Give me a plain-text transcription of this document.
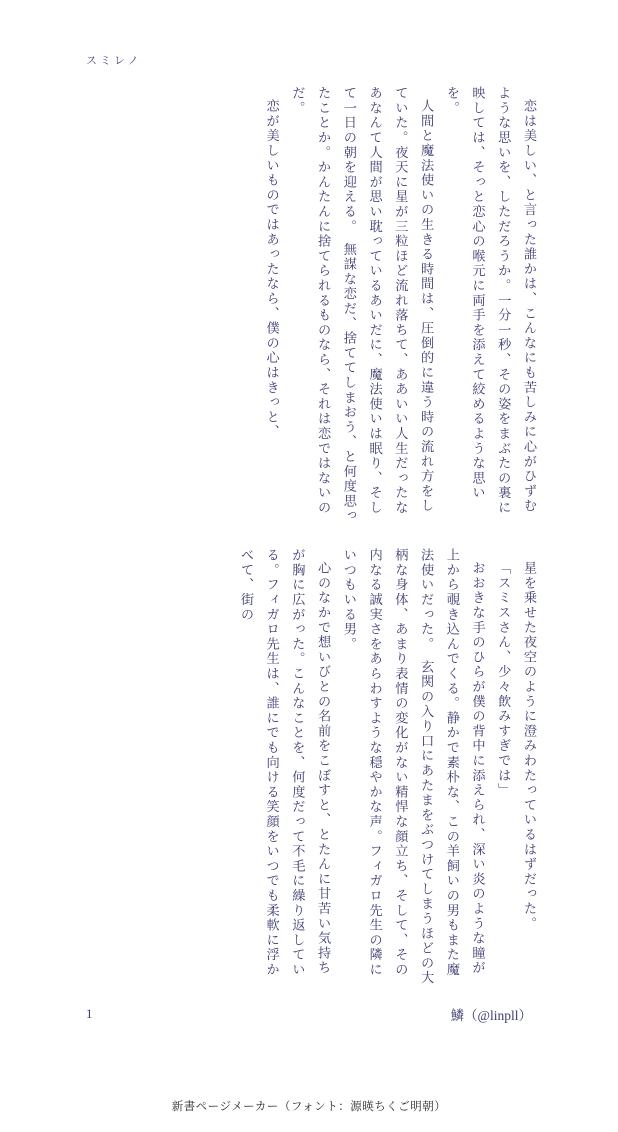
スミレノ

恋は美しい、と言った誰かは、こんなにも苦しみに心がひずむような思いを、しただろうか。一分一秒、その姿をまぶたの裏に映しては、そっと恋心の喉元に両手を添えて絞めるような思いを。

人間と魔法使いの生きる時間は、圧倒的に違う時の流れ方をしていた。夜天に星が三粒ほど流れ落ちて、ああいい人生だったなあなんて人間が思い耽っているあいだに、魔法使いは眠り、そして一日の朝を迎える。　無謀な恋だ、捨ててしまおう、と何度思ったことか。かんたんに捨てられるものなら、それは恋ではないのだ。

恋が美しいものではあったなら、僕の心はきっと、

星を乗せた夜空のように澄みわたっているはずだった。

「スミスさん、少々飲みすぎでは」

おおきな手のひらが僕の背中に添えられ、深い炎のような瞳が上から覗き込んでくる。静かで素朴な、この羊飼いの男もまた魔法使いだった。　玄関の入り口にあたまをぶつけてしまうほどの大柄な身体、あまり表情の変化がない精悍な顔立ち、そして、その内なる誠実さをあらわすような穏やかな声。フィガロ先生の隣にいつもいる男。

心のなかで想いびとの名前をこぼすと、とたんに甘苦い気持ちが胸に広がった。こんなことを、何度だって不毛に繰り返している。フィガロ先生は、誰にでも向ける笑顔をいつでも柔軟に浮かべて、街の

1	鱗（@linpll）
新書ページメーカー（フォント：源暎ちくご明朝）
